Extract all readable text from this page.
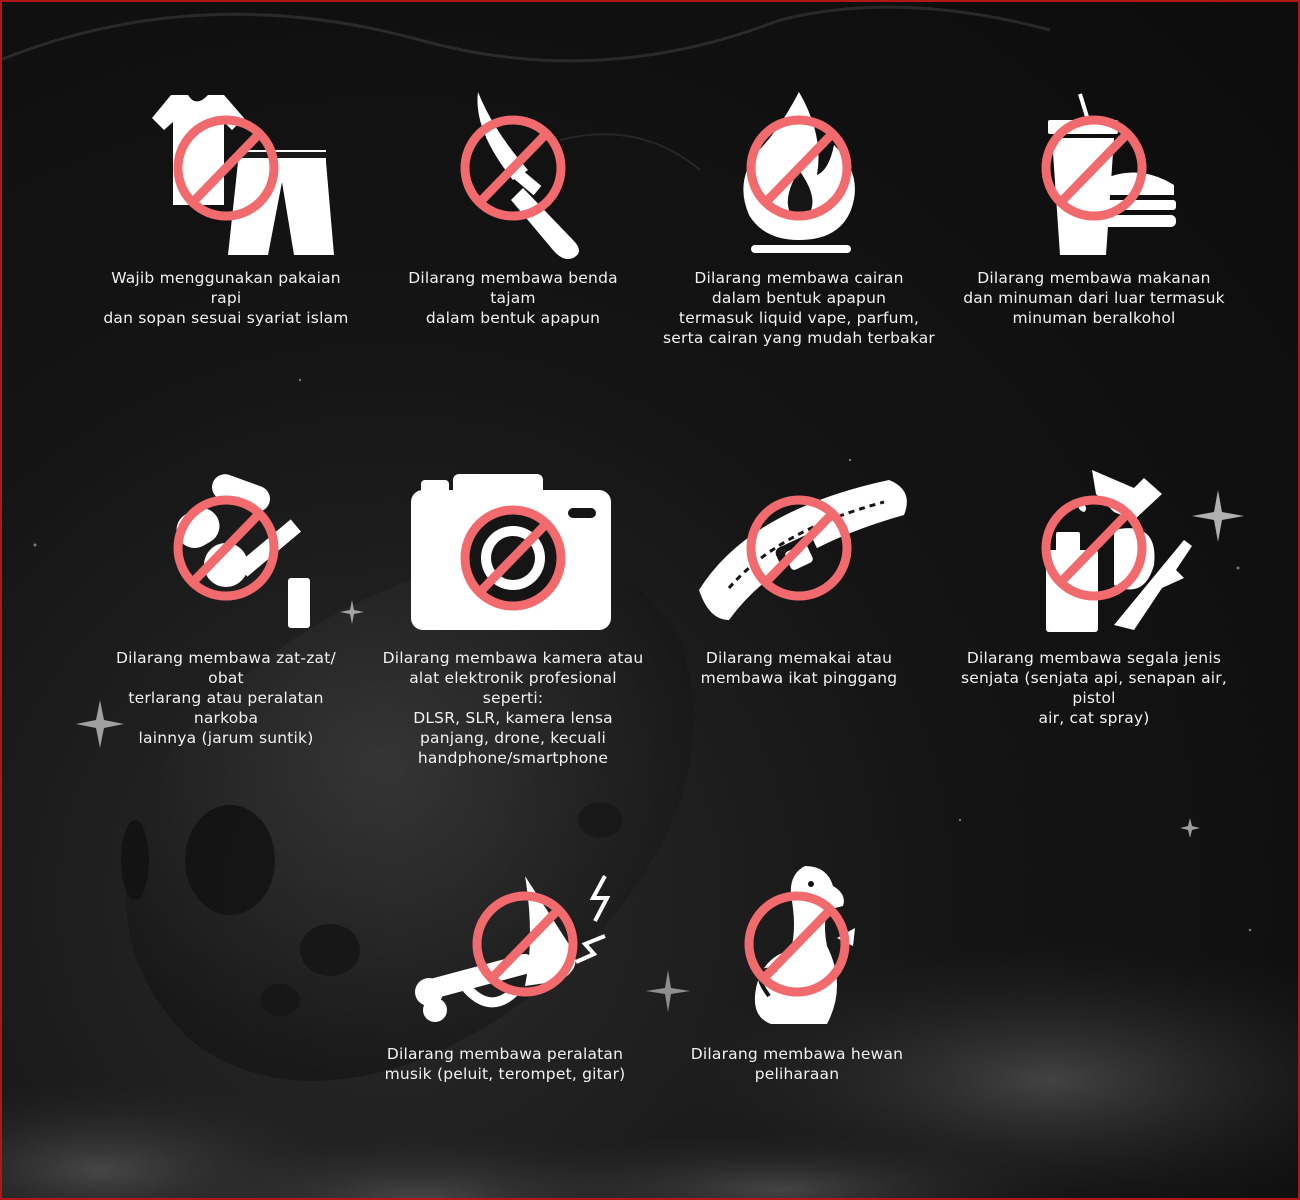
Wajib menggunakan pakaian
rapi
dan sopan sesuai syariat islam
Dilarang membawa benda
tajam
dalam bentuk apapun
Dilarang membawa cairan
dalam bentuk apapun
termasuk liquid vape, parfum,
serta cairan yang mudah terbakar
Dilarang membawa makanan
dan minuman dari luar termasuk
minuman beralkohol
Dilarang membawa zat-zat/
obat
terlarang atau peralatan
narkoba
lainnya (jarum suntik)
Dilarang membawa kamera atau
alat elektronik profesional
seperti:
DLSR, SLR, kamera lensa
panjang, drone, kecuali
handphone/smartphone
Dilarang memakai atau
membawa ikat pinggang
Dilarang membawa segala jenis
senjata (senjata api, senapan air,
pistol
air, cat spray)
Dilarang membawa peralatan
musik (peluit, terompet, gitar)
Dilarang membawa hewan
peliharaan
